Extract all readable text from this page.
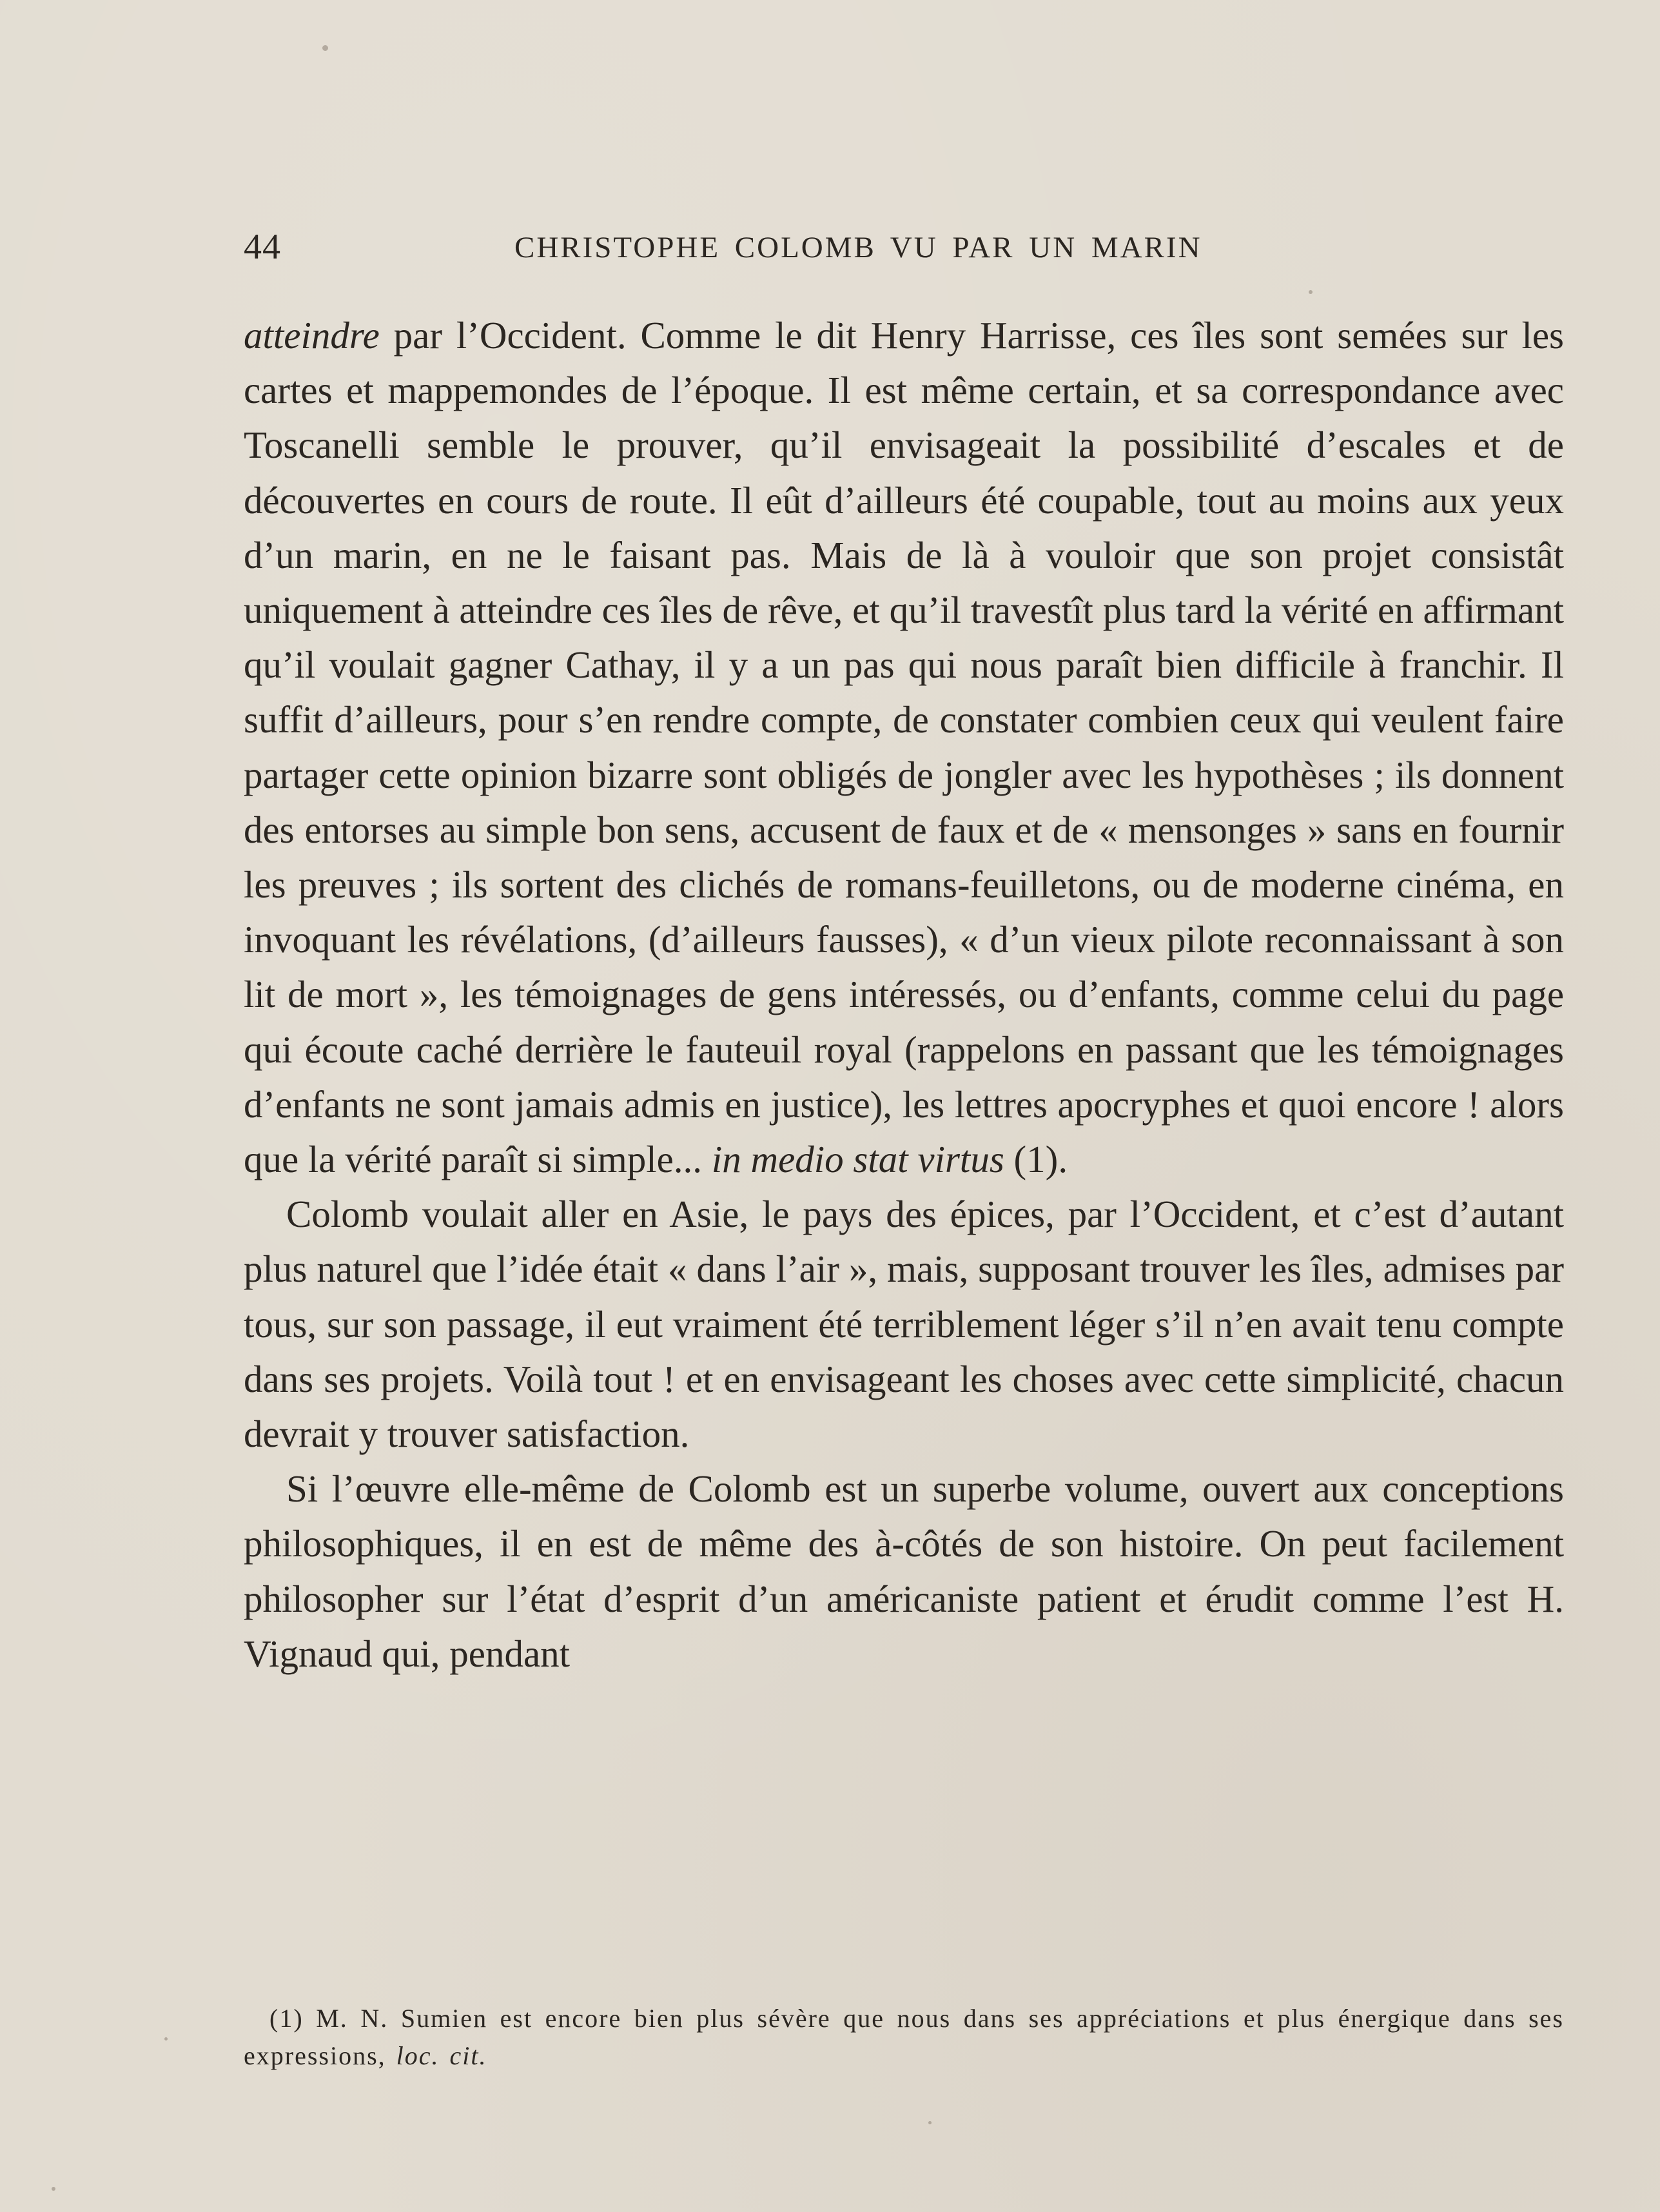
44	CHRISTOPHE COLOMB VU PAR UN MARIN

atteindre par l’Occident. Comme le dit Henry Harrisse, ces îles sont semées sur les cartes et mappemondes de l’époque. Il est même certain, et sa correspondance avec Toscanelli semble le prouver, qu’il envisageait la possibilité d’escales et de découvertes en cours de route. Il eût d’ailleurs été coupable, tout au moins aux yeux d’un marin, en ne le faisant pas. Mais de là à vouloir que son projet consistât uniquement à atteindre ces îles de rêve, et qu’il travestît plus tard la vérité en affirmant qu’il voulait gagner Cathay, il y a un pas qui nous paraît bien difficile à franchir. Il suffit d’ailleurs, pour s’en rendre compte, de constater combien ceux qui veulent faire partager cette opinion bizarre sont obligés de jongler avec les hypothèses ; ils donnent des entorses au simple bon sens, accusent de faux et de « mensonges » sans en fournir les preuves ; ils sortent des clichés de romans-feuilletons, ou de moderne cinéma, en invoquant les révélations, (d’ailleurs fausses), « d’un vieux pilote reconnaissant à son lit de mort », les témoignages de gens intéressés, ou d’enfants, comme celui du page qui écoute caché derrière le fauteuil royal (rappelons en passant que les témoignages d’enfants ne sont jamais admis en justice), les lettres apocryphes et quoi encore ! alors que la vérité paraît si simple... in medio stat virtus (1).

Colomb voulait aller en Asie, le pays des épices, par l’Occident, et c’est d’autant plus naturel que l’idée était « dans l’air », mais, supposant trouver les îles, admises par tous, sur son passage, il eut vraiment été terriblement léger s’il n’en avait tenu compte dans ses projets. Voilà tout ! et en envisageant les choses avec cette simplicité, chacun devrait y trouver satisfaction.

Si l’œuvre elle-même de Colomb est un superbe volume, ouvert aux conceptions philosophiques, il en est de même des à-côtés de son histoire. On peut facilement philosopher sur l’état d’esprit d’un américaniste patient et érudit comme l’est H. Vignaud qui, pendant

(1) M. N. Sumien est encore bien plus sévère que nous dans ses appréciations et plus énergique dans ses expressions, loc. cit.
